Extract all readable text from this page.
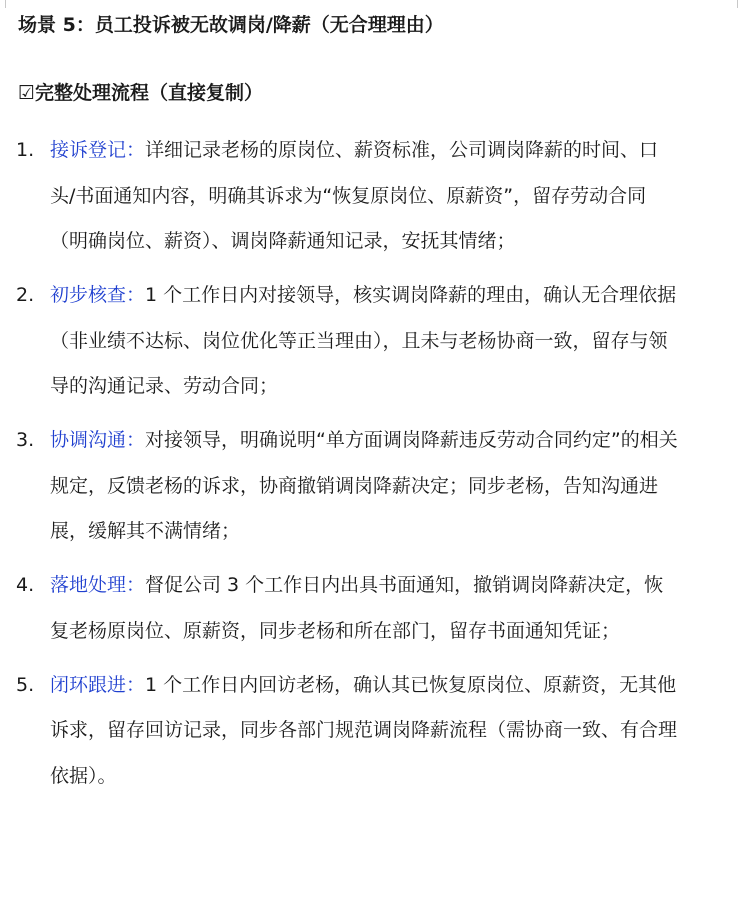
场景 5：员工投诉被无故调岗/降薪（无合理理由）
☑完整处理流程（直接复制）
1. 接诉登记：详细记录老杨的原岗位、薪资标准，公司调岗降薪的时间、口头/书面通知内容，明确其诉求为“恢复原岗位、原薪资”，留存劳动合同（明确岗位、薪资）、调岗降薪通知记录，安抚其情绪；
2. 初步核查：1 个工作日内对接领导，核实调岗降薪的理由，确认无合理依据（非业绩不达标、岗位优化等正当理由），且未与老杨协商一致，留存与领导的沟通记录、劳动合同；
3. 协调沟通：对接领导，明确说明“单方面调岗降薪违反劳动合同约定”的相关规定，反馈老杨的诉求，协商撤销调岗降薪决定；同步老杨，告知沟通进展，缓解其不满情绪；
4. 落地处理：督促公司 3 个工作日内出具书面通知，撤销调岗降薪决定，恢复老杨原岗位、原薪资，同步老杨和所在部门，留存书面通知凭证；
5. 闭环跟进：1 个工作日内回访老杨，确认其已恢复原岗位、原薪资，无其他诉求，留存回访记录，同步各部门规范调岗降薪流程（需协商一致、有合理依据）。
